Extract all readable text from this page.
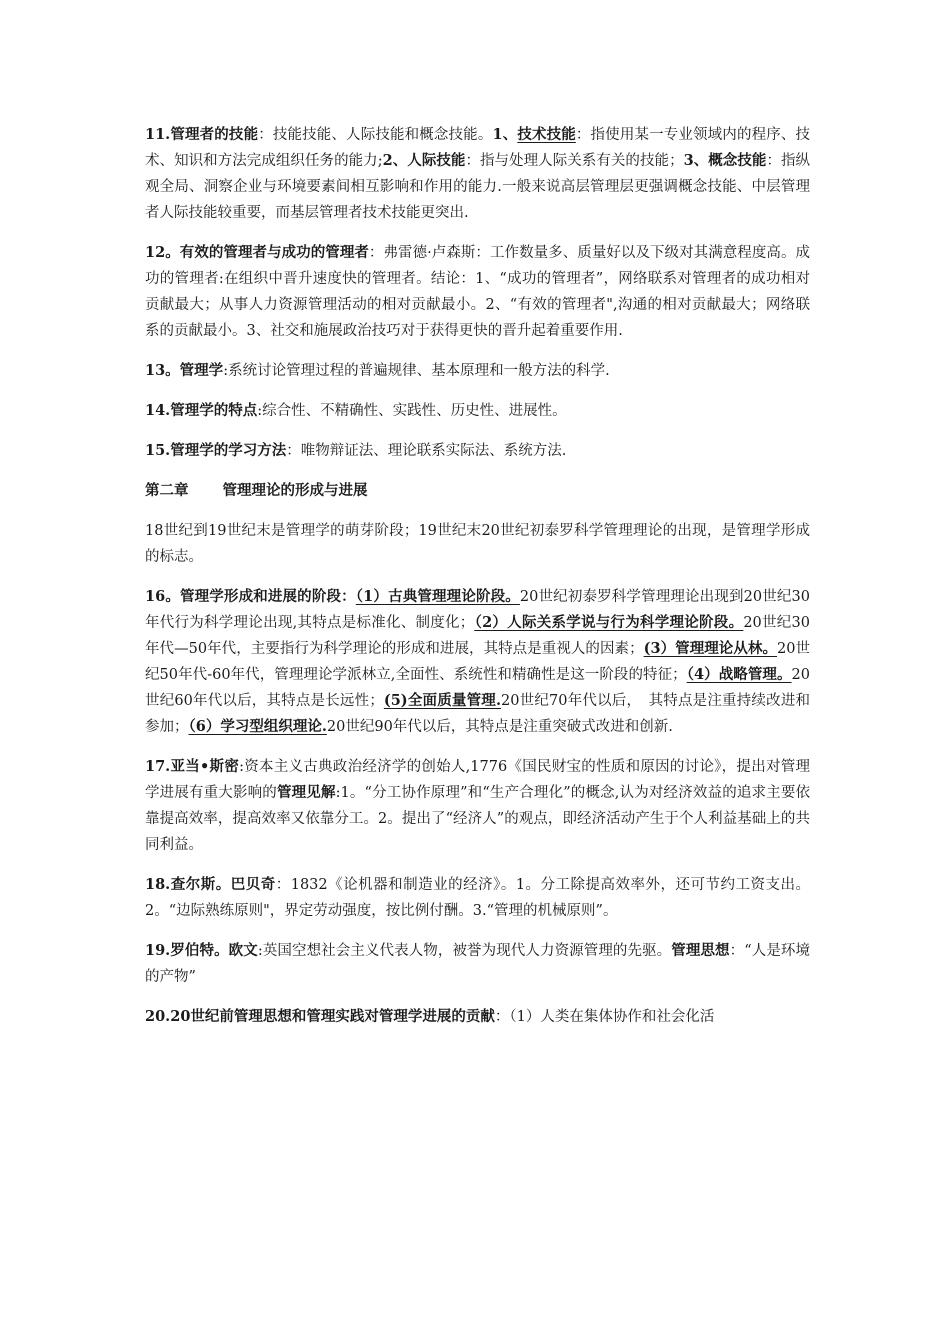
11.管理者的技能：技能技能、人际技能和概念技能。1、技术技能：指使用某一专业领域内的程序、技术、知识和方法完成组织任务的能力;2、人际技能：指与处理人际关系有关的技能；3、概念技能：指纵观全局、洞察企业与环境要素间相互影响和作用的能力.一般来说高层管理层更强调概念技能、中层管理者人际技能较重要，而基层管理者技术技能更突出.

12。有效的管理者与成功的管理者：弗雷德·卢森斯：工作数量多、质量好以及下级对其满意程度高。成功的管理者:在组织中晋升速度快的管理者。结论：1、“成功的管理者”，网络联系对管理者的成功相对贡献最大；从事人力资源管理活动的相对贡献最小。2、“有效的管理者",沟通的相对贡献最大；网络联系的贡献最小。3、社交和施展政治技巧对于获得更快的晋升起着重要作用.

13。管理学:系统讨论管理过程的普遍规律、基本原理和一般方法的科学.

14.管理学的特点:综合性、不精确性、实践性、历史性、进展性。

15.管理学的学习方法：唯物辩证法、理论联系实际法、系统方法.

第二章 管理理论的形成与进展

18世纪到19世纪末是管理学的萌芽阶段；19世纪末20世纪初泰罗科学管理理论的出现，是管理学形成的标志。

16。管理学形成和进展的阶段：（1）古典管理理论阶段。20世纪初泰罗科学管理理论出现到20世纪30年代行为科学理论出现,其特点是标准化、制度化；（2）人际关系学说与行为科学理论阶段。20世纪30年代—50年代，主要指行为科学理论的形成和进展，其特点是重视人的因素；(3）管理理论从林。20世纪50年代-60年代，管理理论学派林立,全面性、系统性和精确性是这一阶段的特征；（4）战略管理。20世纪60年代以后，其特点是长远性；(5)全面质量管理.20世纪70年代以后，　其特点是注重持续改进和参加；（6）学习型组织理论.20世纪90年代以后，其特点是注重突破式改进和创新.

17.亚当•斯密:资本主义古典政治经济学的创始人,1776《国民财宝的性质和原因的讨论》，提出对管理学进展有重大影响的管理见解:1。“分工协作原理”和“生产合理化”的概念,认为对经济效益的追求主要依靠提高效率，提高效率又依靠分工。2。提出了“经济人”的观点，即经济活动产生于个人利益基础上的共同利益。

18.查尔斯。巴贝奇：1832《论机器和制造业的经济》。1。分工除提高效率外，还可节约工资支出。2。“边际熟练原则"，界定劳动强度，按比例付酬。3.“管理的机械原则”。

19.罗伯特。欧文:英国空想社会主义代表人物，被誉为现代人力资源管理的先驱。管理思想：“人是环境的产物”

20.20世纪前管理思想和管理实践对管理学进展的贡献：（1）人类在集体协作和社会化活
